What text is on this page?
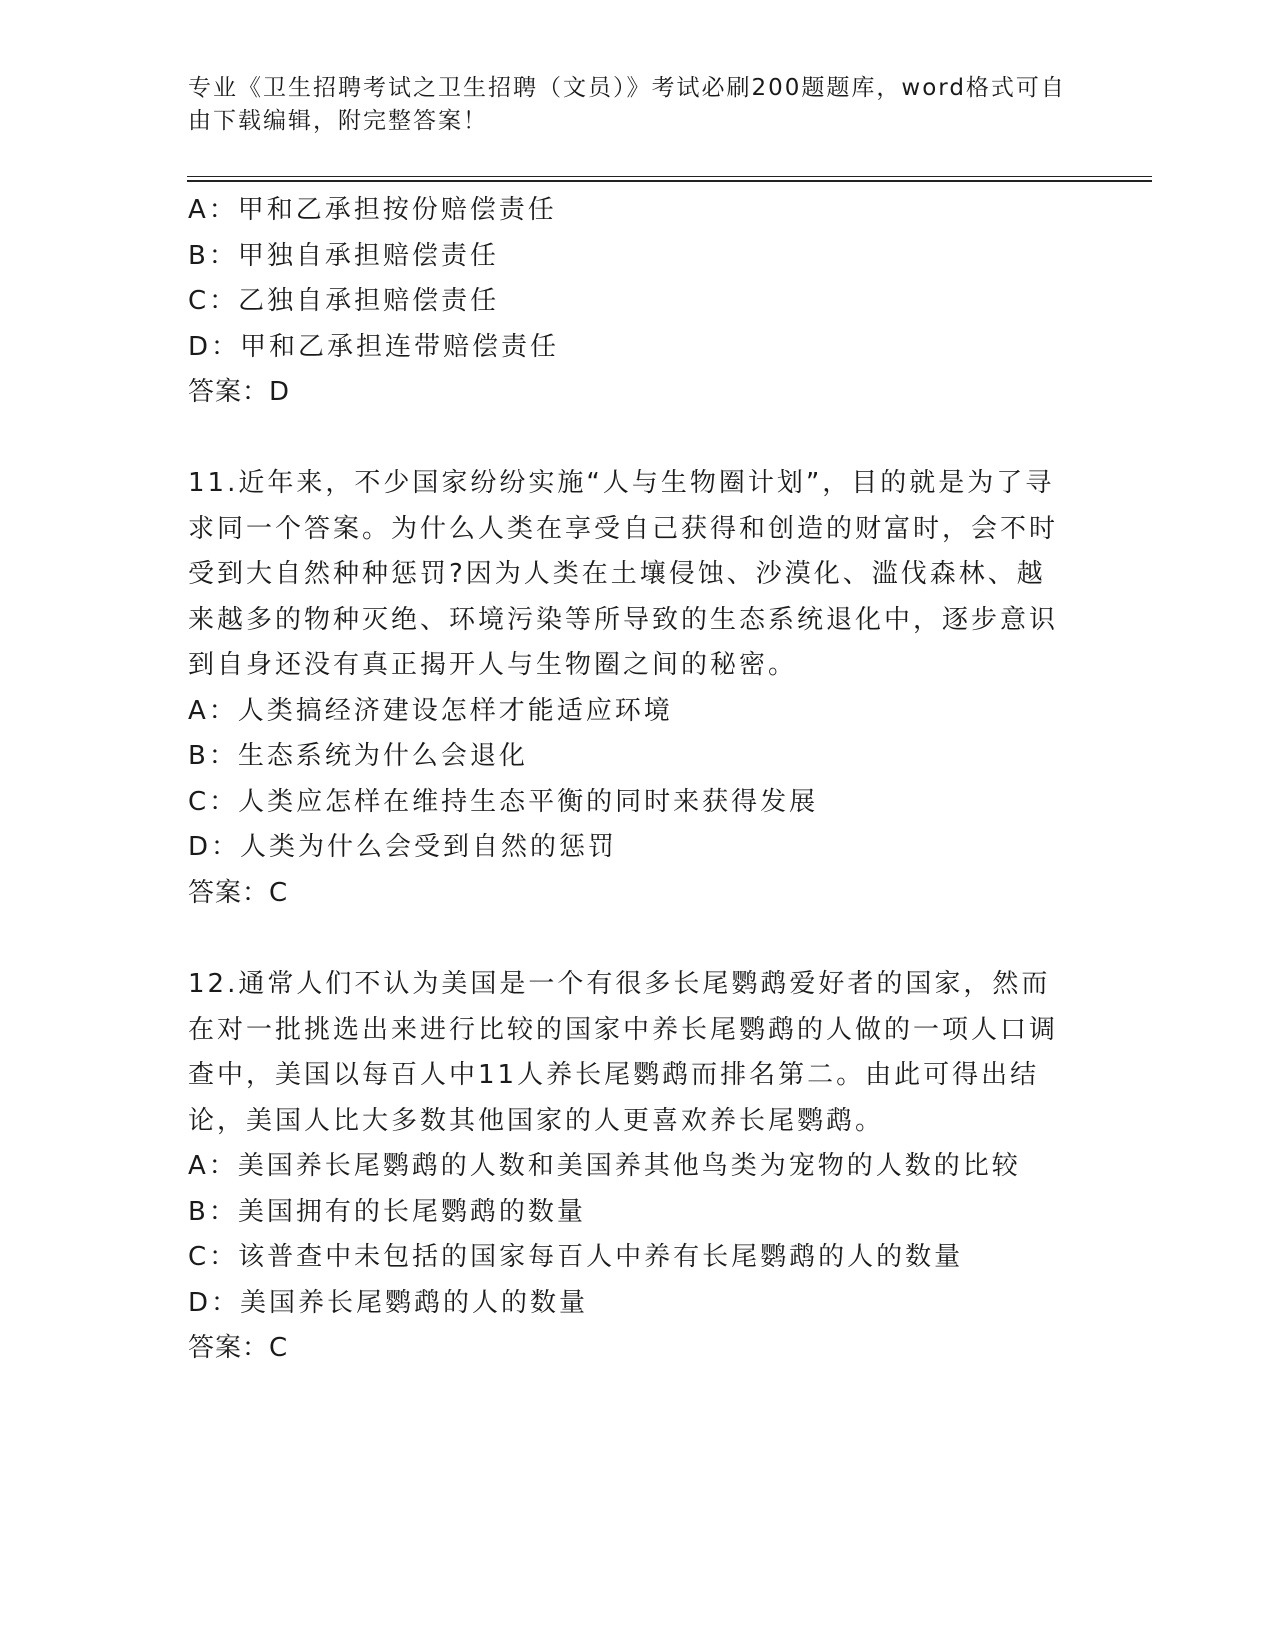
专业《卫生招聘考试之卫生招聘（文员）》考试必刷200题题库，word格式可自由下载编辑，附完整答案！
A：甲和乙承担按份赔偿责任
B：甲独自承担赔偿责任
C：乙独自承担赔偿责任
D：甲和乙承担连带赔偿责任
答案：D
11.近年来，不少国家纷纷实施“人与生物圈计划”，目的就是为了寻求同一个答案。为什么人类在享受自己获得和创造的财富时，会不时受到大自然种种惩罚?因为人类在土壤侵蚀、沙漠化、滥伐森林、越来越多的物种灭绝、环境污染等所导致的生态系统退化中，逐步意识到自身还没有真正揭开人与生物圈之间的秘密。
A：人类搞经济建设怎样才能适应环境
B：生态系统为什么会退化
C：人类应怎样在维持生态平衡的同时来获得发展
D：人类为什么会受到自然的惩罚
答案：C
12.通常人们不认为美国是一个有很多长尾鹦鹉爱好者的国家，然而在对一批挑选出来进行比较的国家中养长尾鹦鹉的人做的一项人口调查中，美国以每百人中11人养长尾鹦鹉而排名第二。由此可得出结论，美国人比大多数其他国家的人更喜欢养长尾鹦鹉。
A：美国养长尾鹦鹉的人数和美国养其他鸟类为宠物的人数的比较
B：美国拥有的长尾鹦鹉的数量
C：该普查中未包括的国家每百人中养有长尾鹦鹉的人的数量
D：美国养长尾鹦鹉的人的数量
答案：C
